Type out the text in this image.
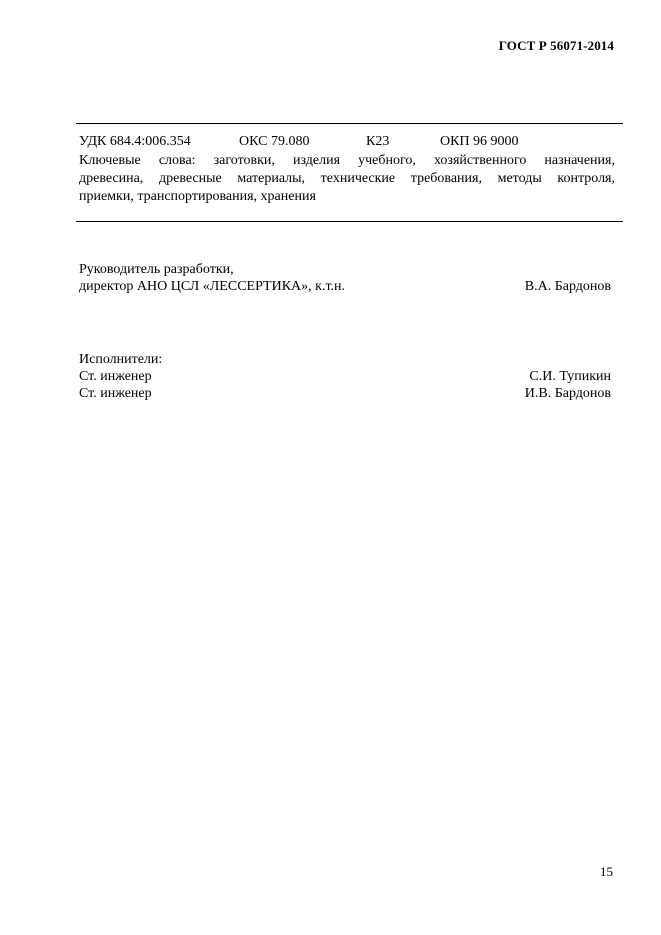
ГОСТ Р 56071-2014
УДК 684.4:006.354	ОКС 79.080	К23	ОКП 96 9000
Ключевые слова: заготовки, изделия учебного, хозяйственного назначения,
древесина, древесные материалы, технические требования, методы контроля,
приемки, транспортирования, хранения
Руководитель разработки,
директор АНО ЦСЛ «ЛЕССЕРТИКА», к.т.н.	В.А. Бардонов
Исполнители:
Ст. инженер	С.И. Тупикин
Ст. инженер	И.В. Бардонов
15
